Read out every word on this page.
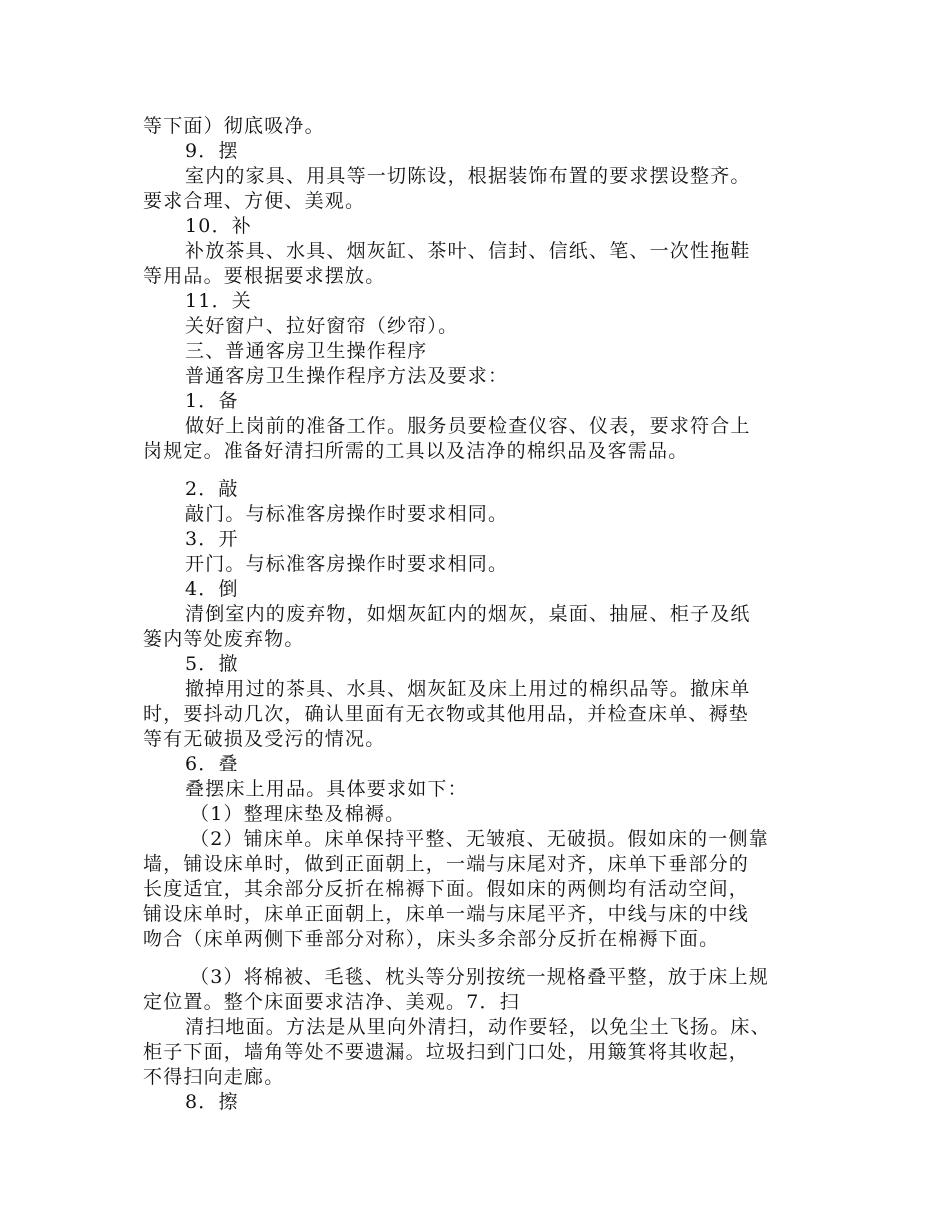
等下面）彻底吸净。
9．摆
室内的家具、用具等一切陈设，根据装饰布置的要求摆设整齐。
要求合理、方便、美观。
10．补
补放茶具、水具、烟灰缸、茶叶、信封、信纸、笔、一次性拖鞋
等用品。要根据要求摆放。
11．关
关好窗户、拉好窗帘（纱帘）。
三、普通客房卫生操作程序
普通客房卫生操作程序方法及要求：
1．备
做好上岗前的准备工作。服务员要检查仪容、仪表，要求符合上
岗规定。准备好清扫所需的工具以及洁净的棉织品及客需品。
2．敲
敲门。与标准客房操作时要求相同。
3．开
开门。与标准客房操作时要求相同。
4．倒
清倒室内的废弃物，如烟灰缸内的烟灰，桌面、抽屉、柜子及纸
篓内等处废弃物。
5．撤
撤掉用过的茶具、水具、烟灰缸及床上用过的棉织品等。撤床单
时，要抖动几次，确认里面有无衣物或其他用品，并检查床单、褥垫
等有无破损及受污的情况。
6．叠
叠摆床上用品。具体要求如下：
（1）整理床垫及棉褥。
（2）铺床单。床单保持平整、无皱痕、无破损。假如床的一侧靠
墙，铺设床单时，做到正面朝上，一端与床尾对齐，床单下垂部分的
长度适宜，其余部分反折在棉褥下面。假如床的两侧均有活动空间，
铺设床单时，床单正面朝上，床单一端与床尾平齐，中线与床的中线
吻合（床单两侧下垂部分对称），床头多余部分反折在棉褥下面。
（3）将棉被、毛毯、枕头等分别按统一规格叠平整，放于床上规
定位置。整个床面要求洁净、美观。7．扫
清扫地面。方法是从里向外清扫，动作要轻，以免尘土飞扬。床、
柜子下面，墙角等处不要遗漏。垃圾扫到门口处，用簸箕将其收起，
不得扫向走廊。
8．擦
